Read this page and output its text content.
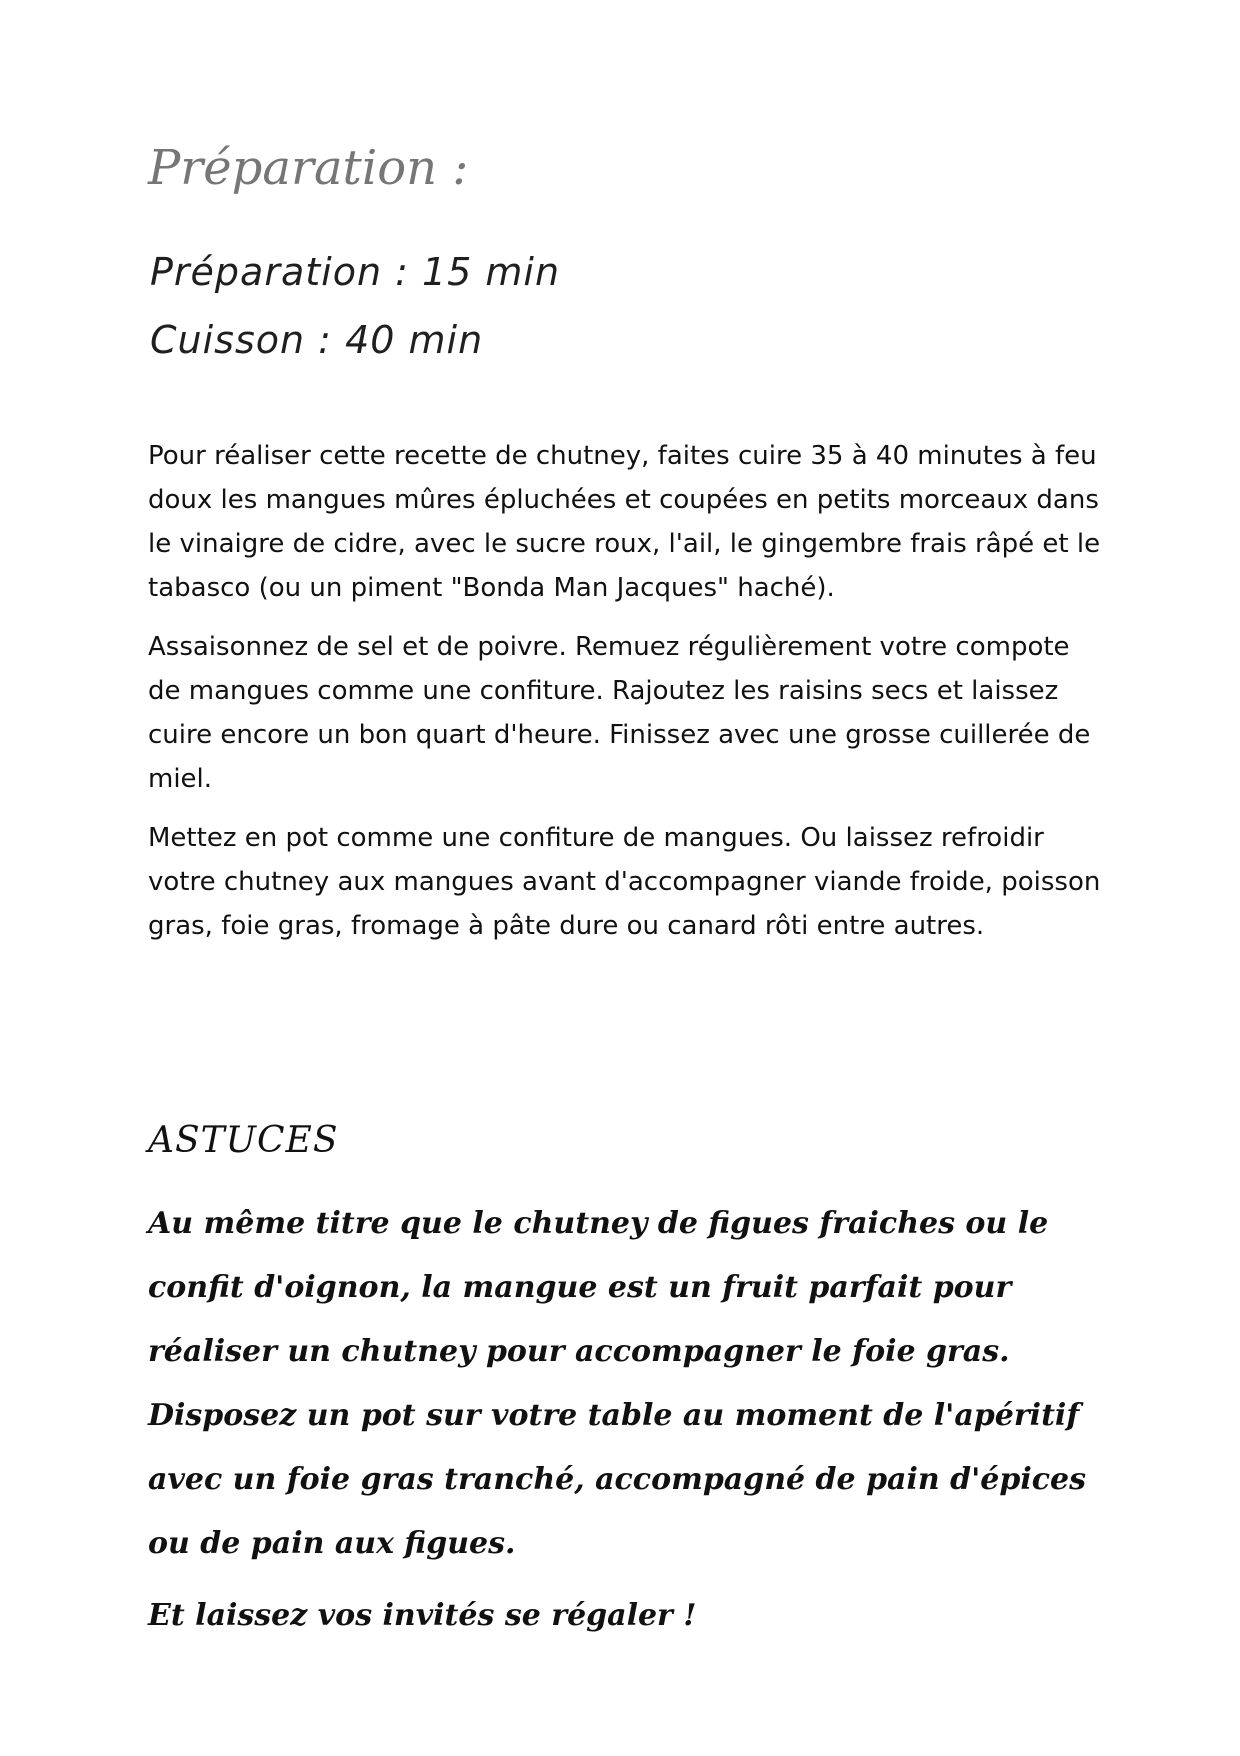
Préparation :
Préparation : 15 min
Cuisson : 40 min

Pour réaliser cette recette de chutney, faites cuire 35 à 40 minutes à feu doux les mangues mûres épluchées et coupées en petits morceaux dans le vinaigre de cidre, avec le sucre roux, l'ail, le gingembre frais râpé et le tabasco (ou un piment "Bonda Man Jacques" haché).

Assaisonnez de sel et de poivre. Remuez régulièrement votre compote de mangues comme une confiture. Rajoutez les raisins secs et laissez cuire encore un bon quart d'heure. Finissez avec une grosse cuillerée de miel.

Mettez en pot comme une confiture de mangues. Ou laissez refroidir votre chutney aux mangues avant d'accompagner viande froide, poisson gras, foie gras, fromage à pâte dure ou canard rôti entre autres.

ASTUCES

Au même titre que le chutney de figues fraiches ou le confit d'oignon, la mangue est un fruit parfait pour réaliser un chutney pour accompagner le foie gras. Disposez un pot sur votre table au moment de l'apéritif avec un foie gras tranché, accompagné de pain d'épices ou de pain aux figues.

Et laissez vos invités se régaler !
